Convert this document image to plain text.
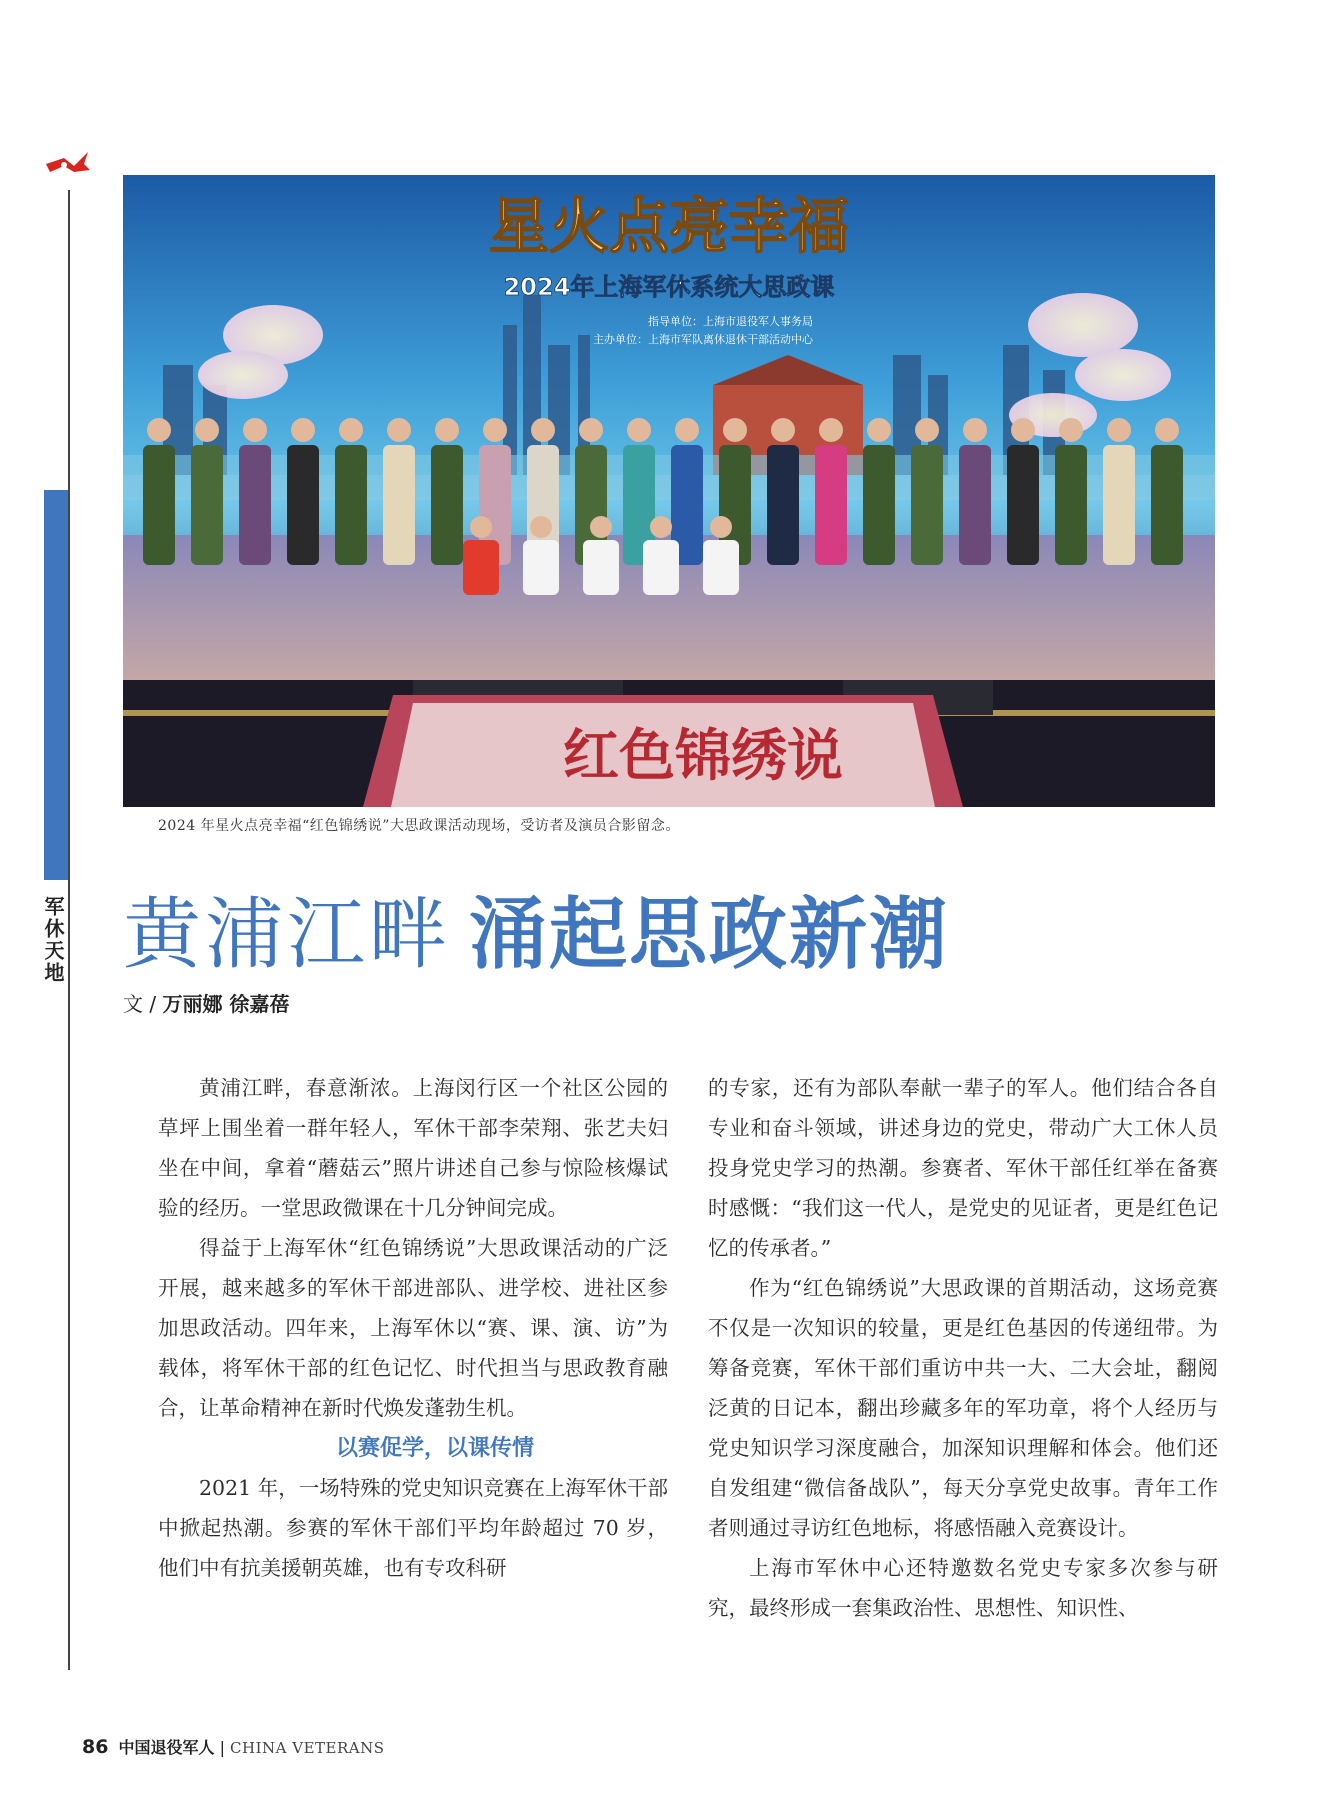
军休天地
星火点亮幸福
2024年上海军休系统大思政课
指导单位：上海市退役军人事务局
主办单位：上海市军队离休退休干部活动中心
红色锦绣说
2024 年星火点亮幸福“红色锦绣说”大思政课活动现场，受访者及演员合影留念。
黄浦江畔 涌起思政新潮
文 / 万丽娜 徐嘉蓓

黄浦江畔，春意渐浓。上海闵行区一个社区公园的草坪上围坐着一群年轻人，军休干部李荣翔、张艺夫妇坐在中间，拿着“蘑菇云”照片讲述自己参与惊险核爆试验的经历。一堂思政微课在十几分钟间完成。

得益于上海军休“红色锦绣说”大思政课活动的广泛开展，越来越多的军休干部进部队、进学校、进社区参加思政活动。四年来，上海军休以“赛、课、演、访”为载体，将军休干部的红色记忆、时代担当与思政教育融合，让革命精神在新时代焕发蓬勃生机。

以赛促学，以课传情

2021 年，一场特殊的党史知识竞赛在上海军休干部中掀起热潮。参赛的军休干部们平均年龄超过 70 岁，他们中有抗美援朝英雄，也有专攻科研

的专家，还有为部队奉献一辈子的军人。他们结合各自专业和奋斗领域，讲述身边的党史，带动广大工休人员投身党史学习的热潮。参赛者、军休干部任红举在备赛时感慨：“我们这一代人，是党史的见证者，更是红色记忆的传承者。”

作为“红色锦绣说”大思政课的首期活动，这场竞赛不仅是一次知识的较量，更是红色基因的传递纽带。为筹备竞赛，军休干部们重访中共一大、二大会址，翻阅泛黄的日记本，翻出珍藏多年的军功章，将个人经历与党史知识学习深度融合，加深知识理解和体会。他们还自发组建“微信备战队”，每天分享党史故事。青年工作者则通过寻访红色地标，将感悟融入竞赛设计。

上海市军休中心还特邀数名党史专家多次参与研究，最终形成一套集政治性、思想性、知识性、

86 中国退役军人 | CHINA VETERANS
